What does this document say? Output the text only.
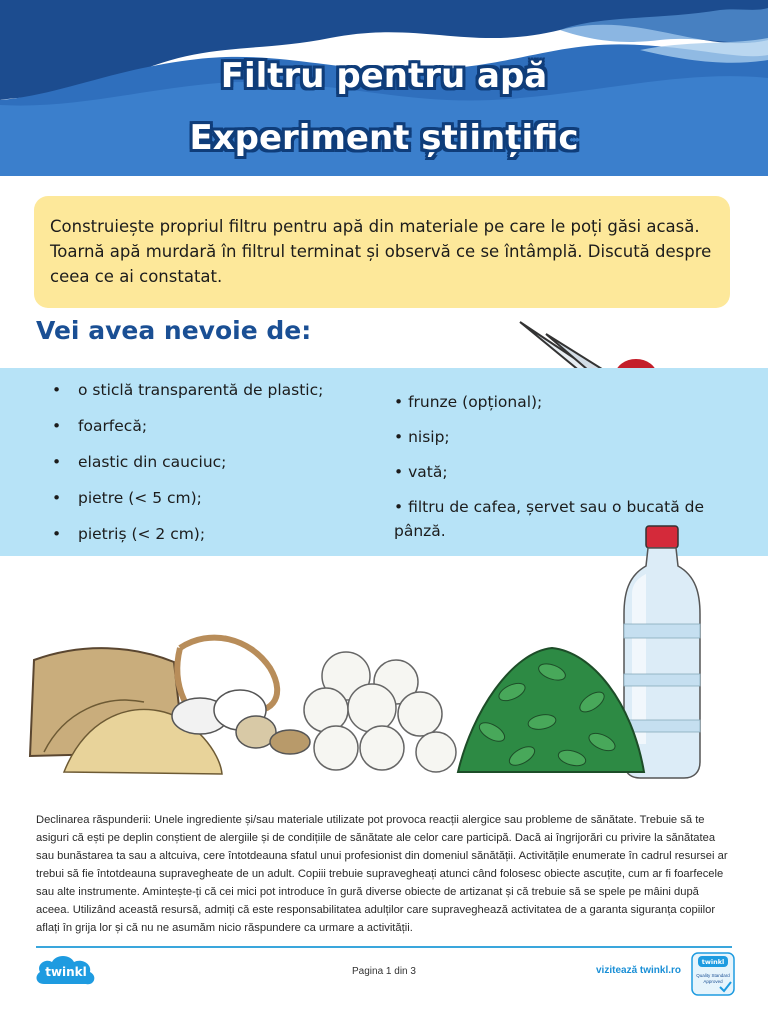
Filtru pentru apă
Experiment științific

Construiește propriul filtru pentru apă din materiale pe care le poți găsi acasă. Toarnă apă murdară în filtrul terminat și observă ce se întâmplă. Discută despre ceea ce ai constatat.

Vei avea nevoie de:
• o sticlă transparentă de plastic;
• foarfecă;
• elastic din cauciuc;
• pietre (< 5 cm);
• pietriș (< 2 cm);
• frunze (opțional);
• nisip;
• vată;
• filtru de cafea, șervet sau o bucată de pânză.

Declinarea răspunderii: Unele ingrediente și/sau materiale utilizate pot provoca reacții alergice sau probleme de sănătate. Trebuie să te asiguri că ești pe deplin conștient de alergiile și de condițiile de sănătate ale celor care participă. Dacă ai îngrijorări cu privire la sănătatea sau bunăstarea ta sau a altcuiva, cere întotdeauna sfatul unui profesionist din domeniul sănătății. Activitățile enumerate în cadrul resursei ar trebui să fie întotdeauna supravegheate de un adult. Copiii trebuie supravegheați atunci când folosesc obiecte ascuțite, cum ar fi foarfecele sau alte instrumente. Amintește-ți că cei mici pot introduce în gură diverse obiecte de artizanat și că trebuie să se spele pe mâini după aceea. Utilizând această resursă, admiți că este responsabilitatea adulților care supraveghează activitatea de a garanta siguranța copiilor aflați în grija lor și că nu ne asumăm nicio răspundere ca urmare a activității.

twinkl	Pagina 1 din 3	vizitează twinkl.ro
twinkl
Quality Standard
Approved
